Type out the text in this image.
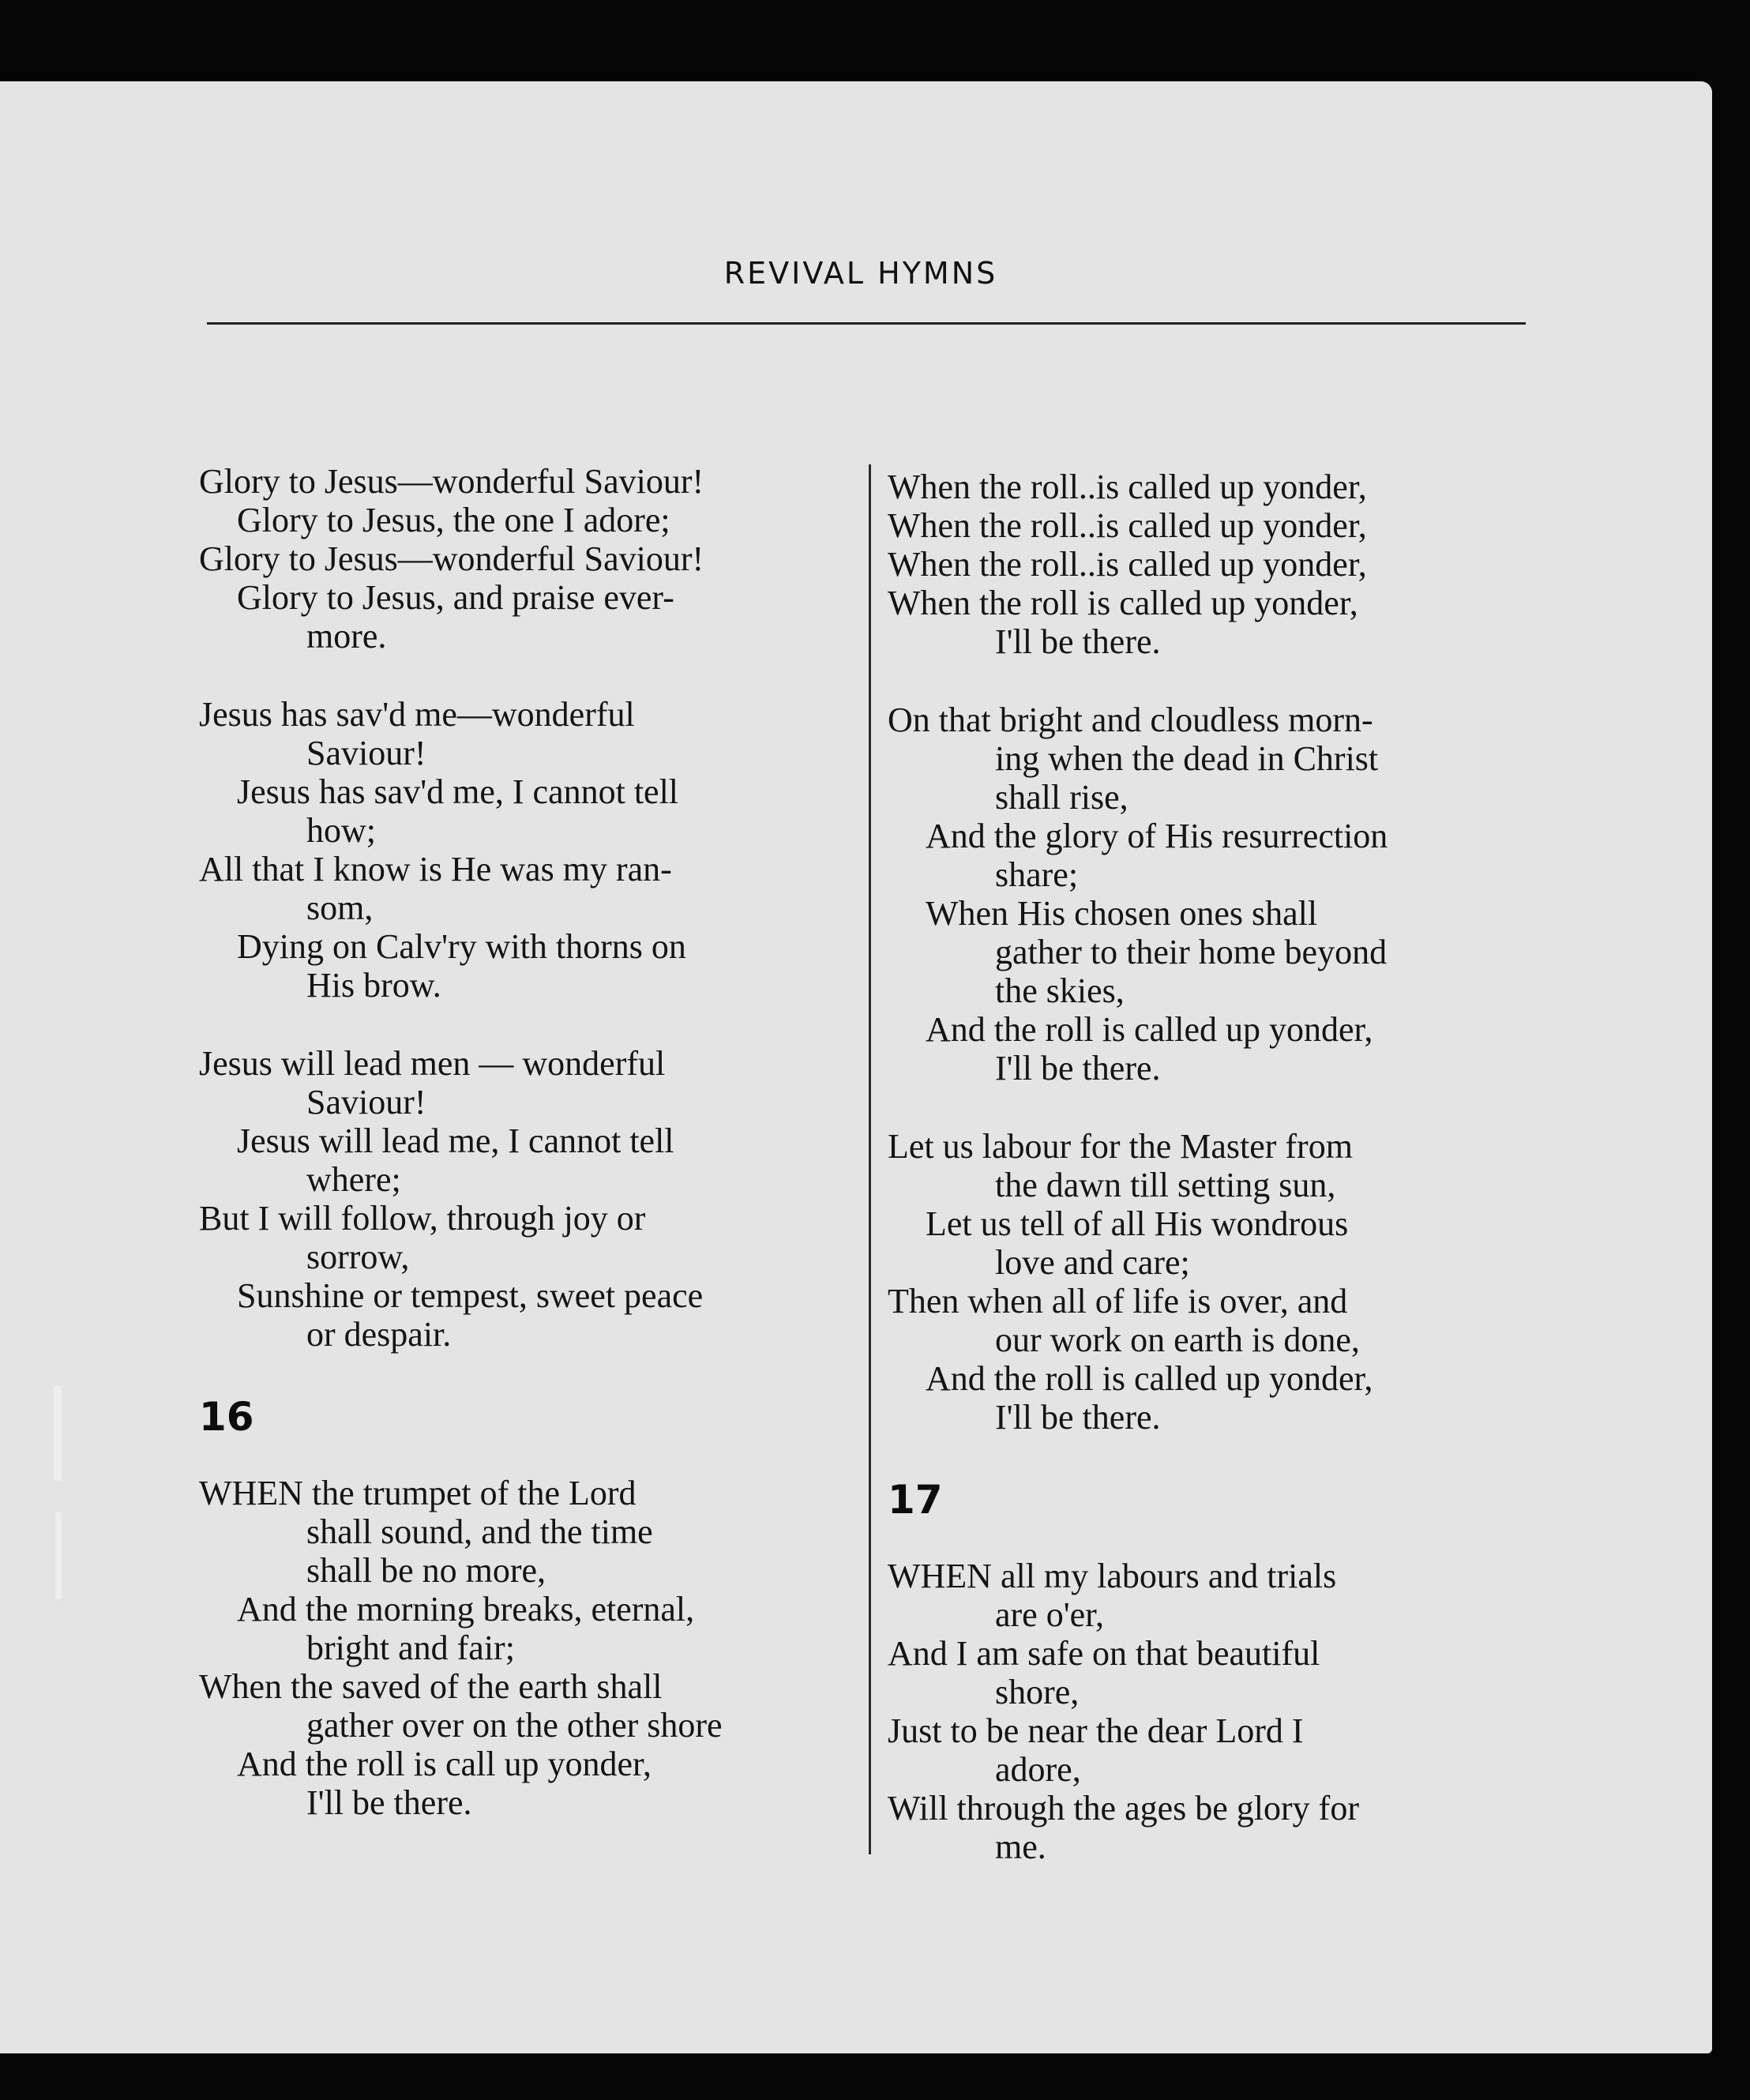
REVIVAL HYMNS
Glory to Jesus—wonderful Saviour!
Glory to Jesus, the one I adore;
Glory to Jesus—wonderful Saviour!
Glory to Jesus, and praise ever-
more.
Jesus has sav'd me—wonderful
Saviour!
Jesus has sav'd me, I cannot tell
how;
All that I know is He was my ran-
som,
Dying on Calv'ry with thorns on
His brow.
Jesus will lead men — wonderful
Saviour!
Jesus will lead me, I cannot tell
where;
But I will follow, through joy or
sorrow,
Sunshine or tempest, sweet peace
or despair.
16
WHEN the trumpet of the Lord
shall sound, and the time
shall be no more,
And the morning breaks, eternal,
bright and fair;
When the saved of the earth shall
gather over on the other shore
And the roll is call up yonder,
I'll be there.
When the roll..is called up yonder,
When the roll..is called up yonder,
When the roll..is called up yonder,
When the roll is called up yonder,
I'll be there.
On that bright and cloudless morn-
ing when the dead in Christ
shall rise,
And the glory of His resurrection
share;
When His chosen ones shall
gather to their home beyond
the skies,
And the roll is called up yonder,
I'll be there.
Let us labour for the Master from
the dawn till setting sun,
Let us tell of all His wondrous
love and care;
Then when all of life is over, and
our work on earth is done,
And the roll is called up yonder,
I'll be there.
17
WHEN all my labours and trials
are o'er,
And I am safe on that beautiful
shore,
Just to be near the dear Lord I
adore,
Will through the ages be glory for
me.
